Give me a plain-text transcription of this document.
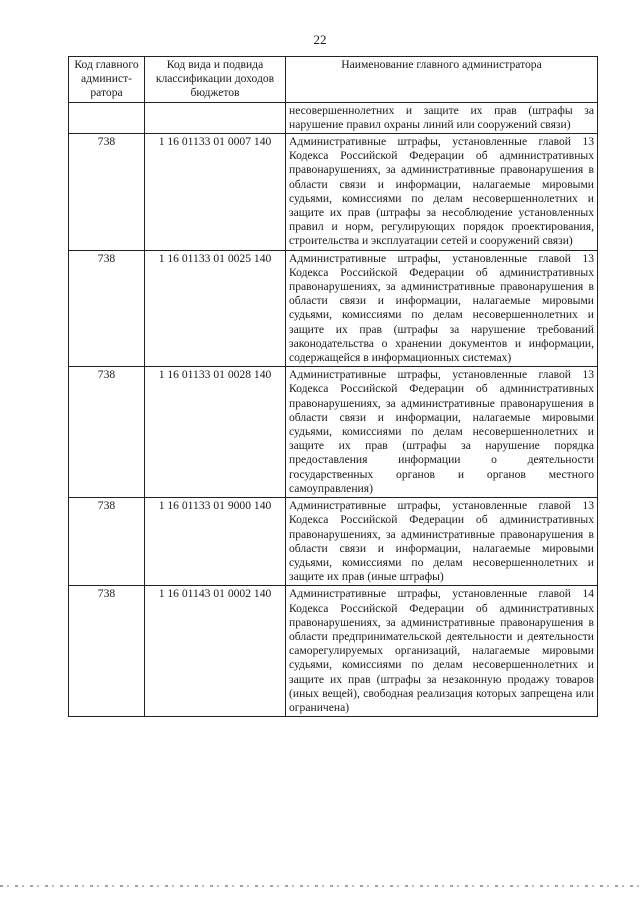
22
Код главного админист-ратора	Код вида и подвида классификации доходов бюджетов	Наименование главного администратора
		несовершеннолетних и защите их прав (штрафы за нарушение правил охраны линий или сооружений связи)
738	1 16 01133 01 0007 140	Административные штрафы, установленные главой 13 Кодекса Российской Федерации об административных правонарушениях, за административные правонарушения в области связи и информации, налагаемые мировыми судьями, комиссиями по делам несовершеннолетних и защите их прав (штрафы за несоблюдение установленных правил и норм, регулирующих порядок проектирования, строительства и эксплуатации сетей и сооружений связи)
738	1 16 01133 01 0025 140	Административные штрафы, установленные главой 13 Кодекса Российской Федерации об административных правонарушениях, за административные правонарушения в области связи и информации, налагаемые мировыми судьями, комиссиями по делам несовершеннолетних и защите их прав (штрафы за нарушение требований законодательства о хранении документов и информации, содержащейся в информационных системах)
738	1 16 01133 01 0028 140	Административные штрафы, установленные главой 13 Кодекса Российской Федерации об административных правонарушениях, за административные правонарушения в области связи и информации, налагаемые мировыми судьями, комиссиями по делам несовершеннолетних и защите их прав (штрафы за нарушение порядка предоставления информации о деятельности государственных органов и органов местного самоуправления)
738	1 16 01133 01 9000 140	Административные штрафы, установленные главой 13 Кодекса Российской Федерации об административных правонарушениях, за административные правонарушения в области связи и информации, налагаемые мировыми судьями, комиссиями по делам несовершеннолетних и защите их прав (иные штрафы)
738	1 16 01143 01 0002 140	Административные штрафы, установленные главой 14 Кодекса Российской Федерации об административных правонарушениях, за административные правонарушения в области предпринимательской деятельности и деятельности саморегулируемых организаций, налагаемые мировыми судьями, комиссиями по делам несовершеннолетних и защите их прав (штрафы за незаконную продажу товаров (иных вещей), свободная реализация которых запрещена или ограничена)
